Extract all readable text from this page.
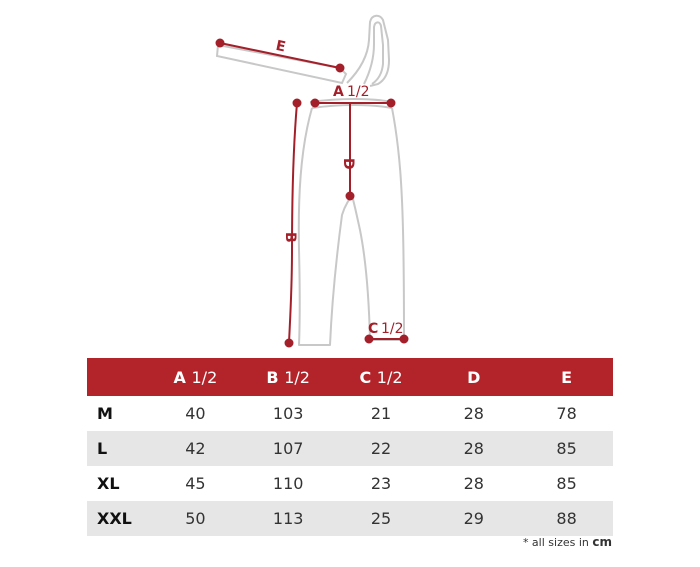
E
A 1/2
D
B
C 1/2
	A 1/2	B 1/2	C 1/2	D	E
M	40	103	21	28	78
L	42	107	22	28	85
XL	45	110	23	28	85
XXL	50	113	25	29	88
* all sizes in cm
